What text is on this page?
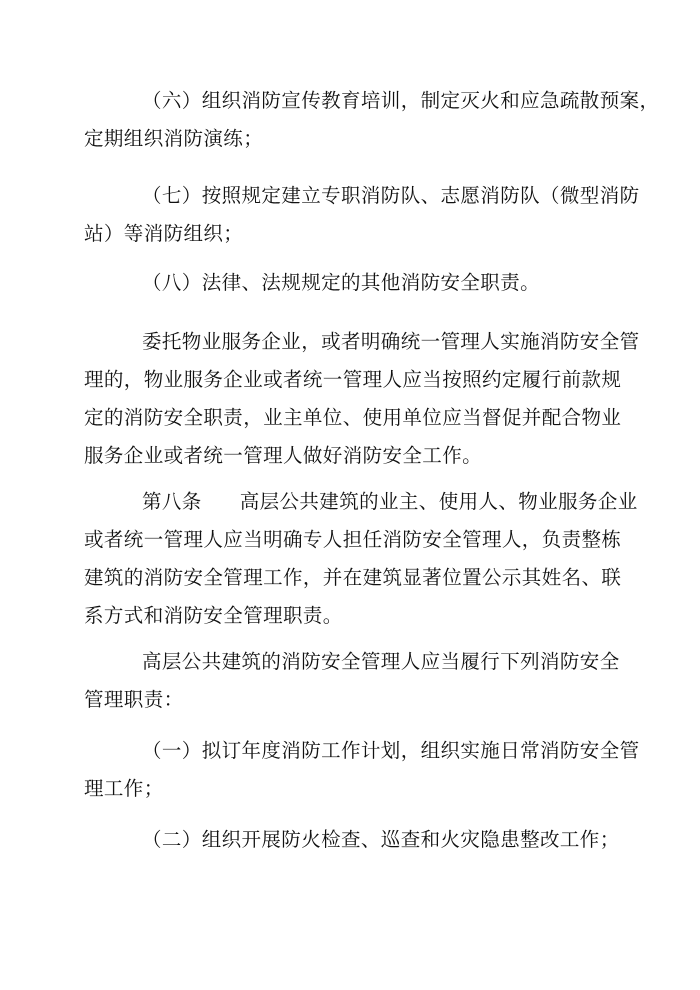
（六）组织消防宣传教育培训，制定灭火和应急疏散预案，
定期组织消防演练；

（七）按照规定建立专职消防队、志愿消防队（微型消防
站）等消防组织；

（八）法律、法规规定的其他消防安全职责。

委托物业服务企业，或者明确统一管理人实施消防安全管
理的，物业服务企业或者统一管理人应当按照约定履行前款规
定的消防安全职责，业主单位、使用单位应当督促并配合物业
服务企业或者统一管理人做好消防安全工作。

第八条 高层公共建筑的业主、使用人、物业服务企业
或者统一管理人应当明确专人担任消防安全管理人，负责整栋
建筑的消防安全管理工作，并在建筑显著位置公示其姓名、联
系方式和消防安全管理职责。

高层公共建筑的消防安全管理人应当履行下列消防安全
管理职责：

（一）拟订年度消防工作计划，组织实施日常消防安全管
理工作；

（二）组织开展防火检查、巡查和火灾隐患整改工作；
